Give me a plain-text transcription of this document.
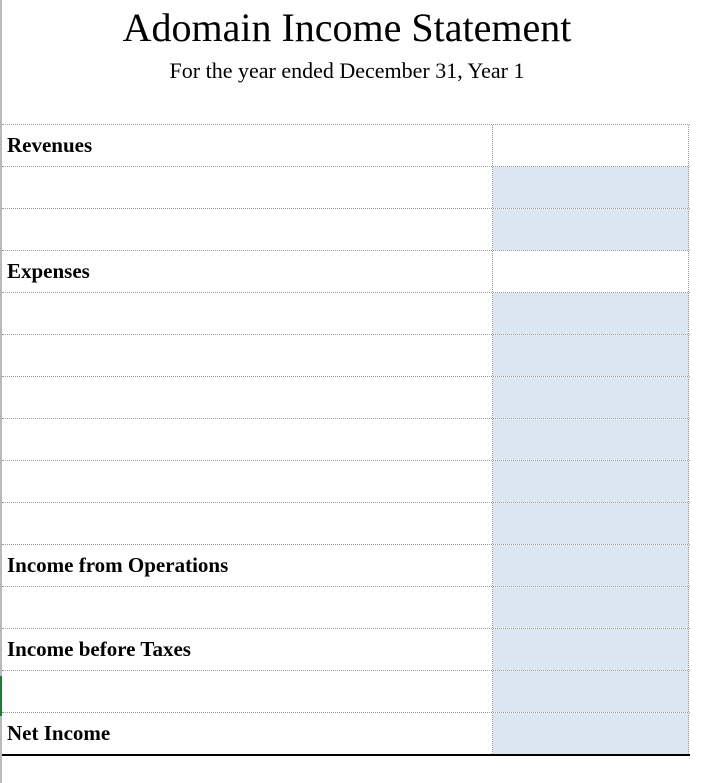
Adomain Income Statement
For the year ended December 31, Year 1
Revenues
Expenses
Income from Operations
Income before Taxes
Net Income
